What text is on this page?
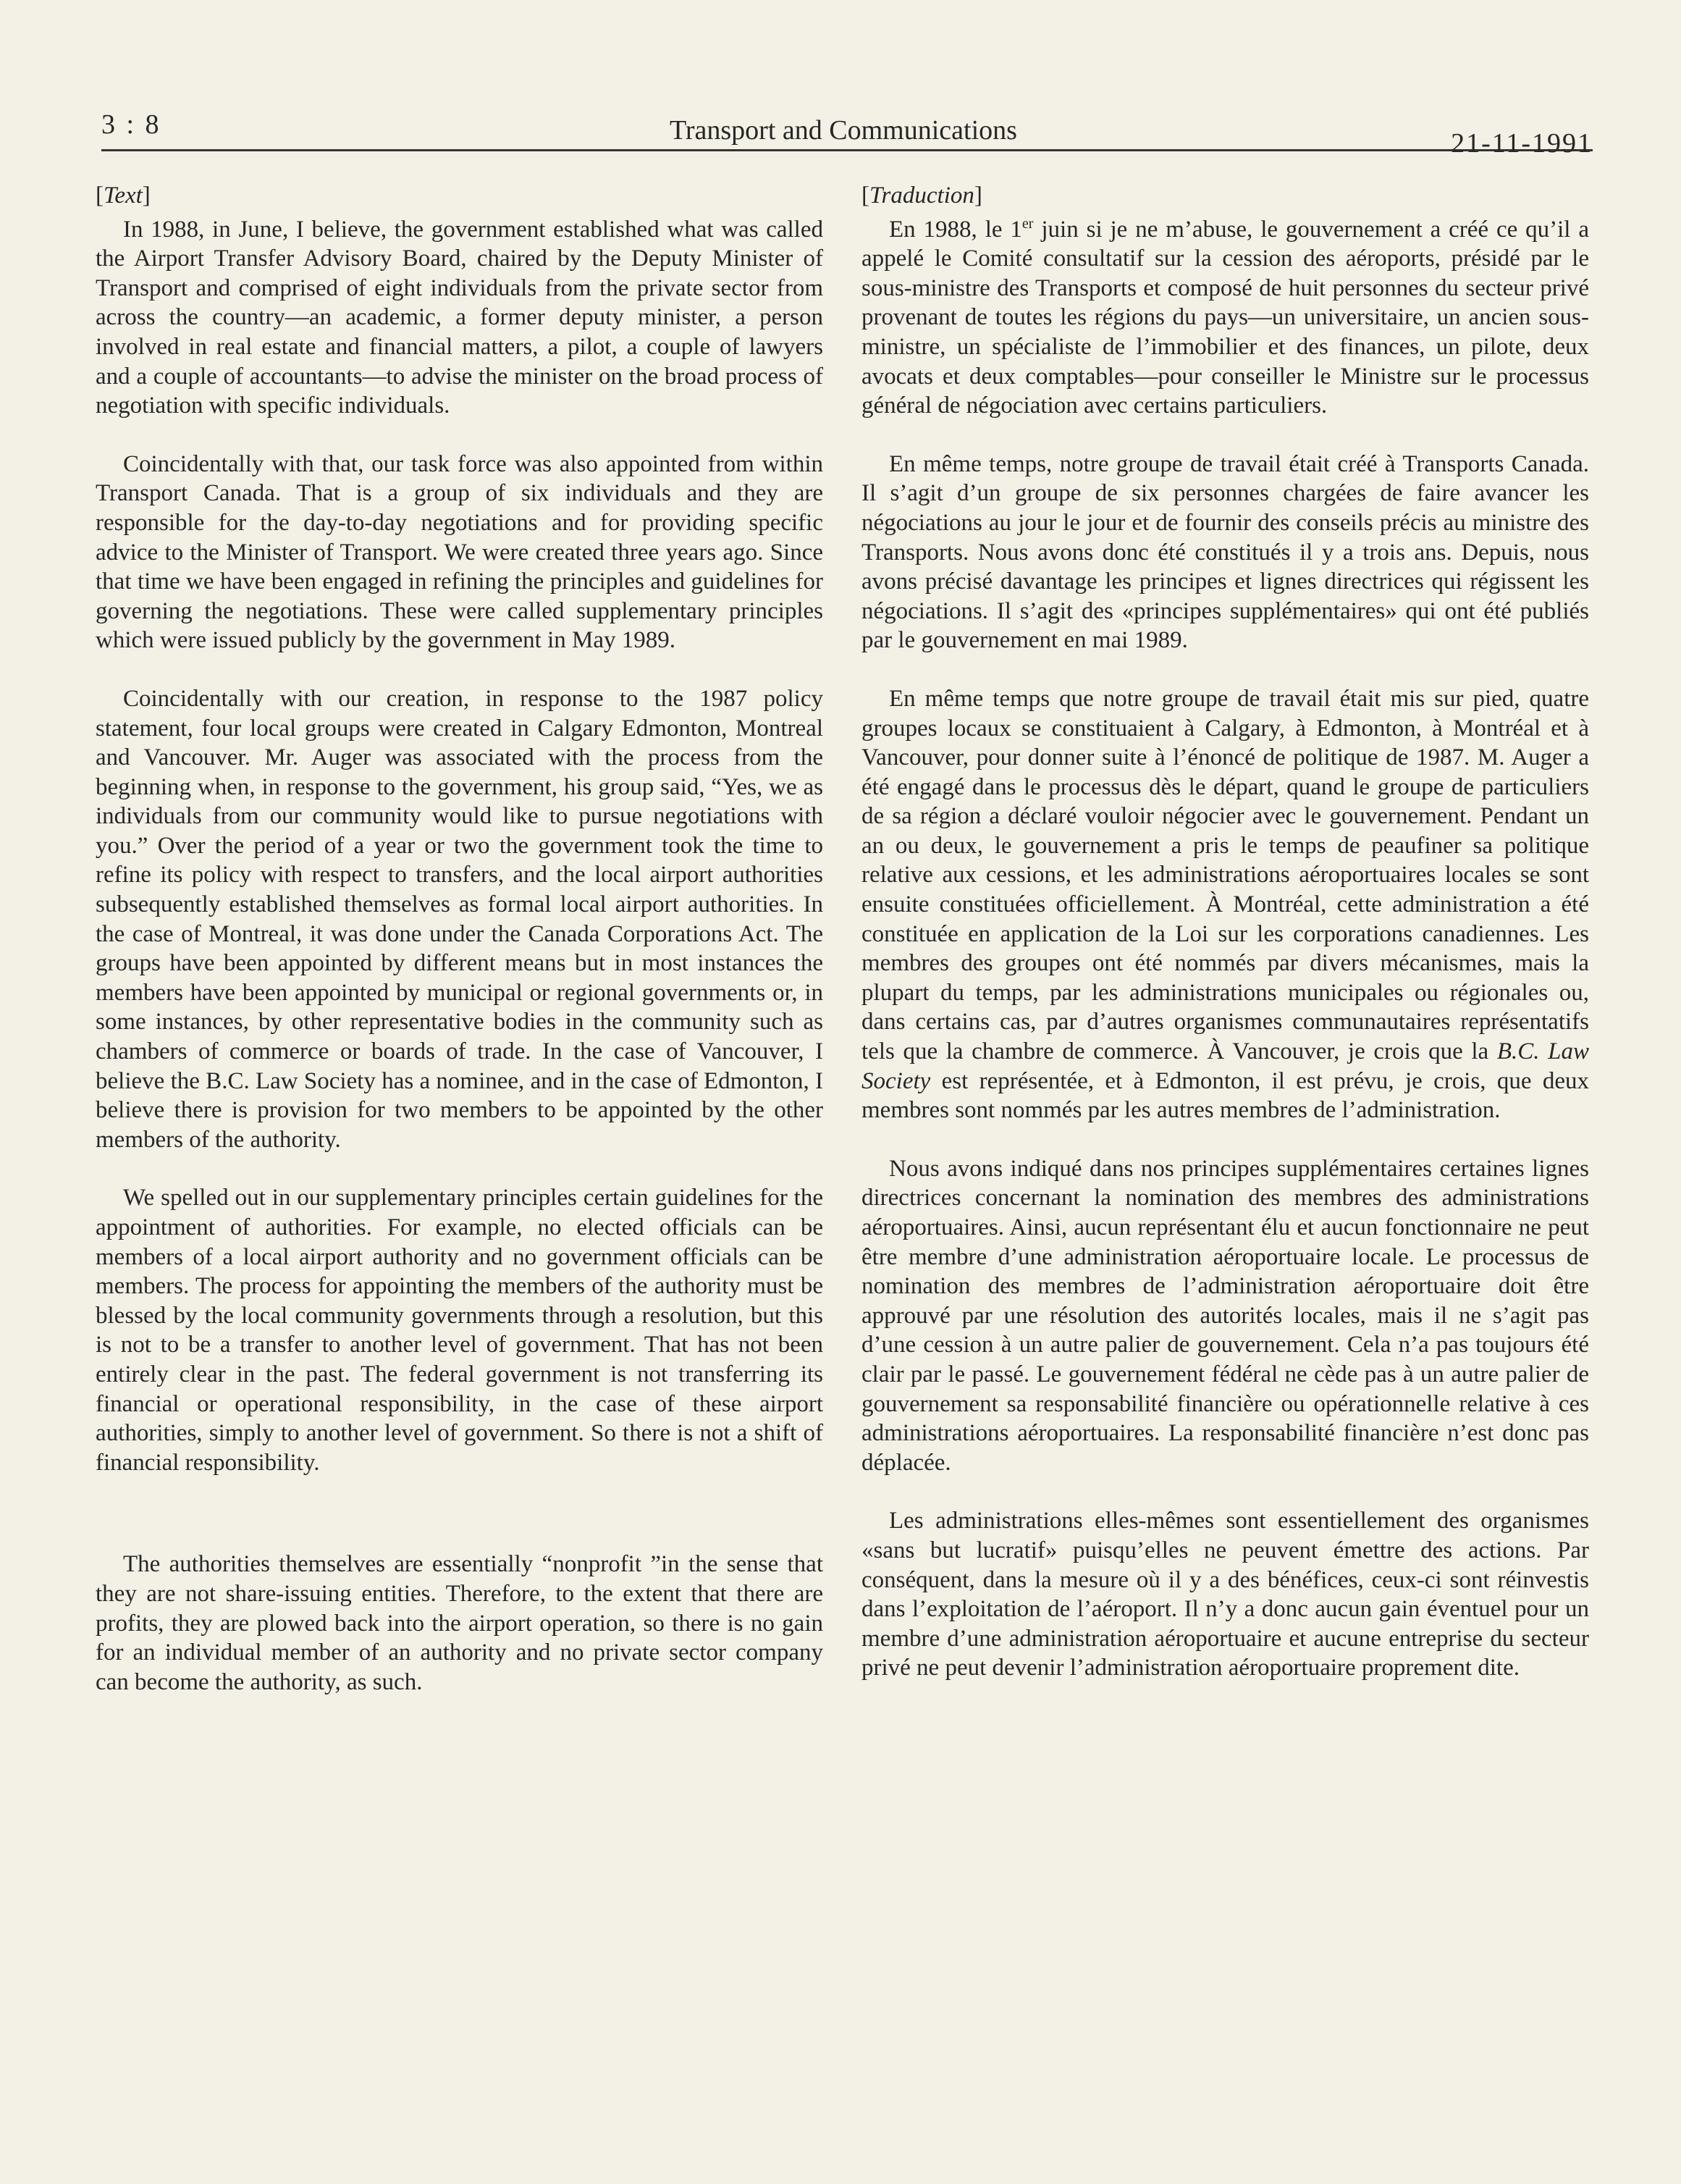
3 : 8	Transport and Communications	21-11-1991
[Text]

In 1988, in June, I believe, the government established what was called the Airport Transfer Advisory Board, chaired by the Deputy Minister of Transport and comprised of eight individuals from the private sector from across the country—an academic, a former deputy minister, a person involved in real estate and financial matters, a pilot, a couple of lawyers and a couple of accountants—to advise the minister on the broad process of negotiation with specific individuals.

Coincidentally with that, our task force was also appointed from within Transport Canada. That is a group of six individuals and they are responsible for the day-to-day negotiations and for providing specific advice to the Minister of Transport. We were created three years ago. Since that time we have been engaged in refining the principles and guidelines for governing the negotiations. These were called supplementary principles which were issued publicly by the government in May 1989.

Coincidentally with our creation, in response to the 1987 policy statement, four local groups were created in Calgary Edmonton, Montreal and Vancouver. Mr. Auger was associated with the process from the beginning when, in response to the government, his group said, “Yes, we as individuals from our community would like to pursue negotiations with you.” Over the period of a year or two the government took the time to refine its policy with respect to transfers, and the local airport authorities subsequently established themselves as formal local airport authorities. In the case of Montreal, it was done under the Canada Corporations Act. The groups have been appointed by different means but in most instances the members have been appointed by municipal or regional governments or, in some instances, by other representative bodies in the community such as chambers of commerce or boards of trade. In the case of Vancouver, I believe the B.C. Law Society has a nominee, and in the case of Edmonton, I believe there is provision for two members to be appointed by the other members of the authority.

We spelled out in our supplementary principles certain guidelines for the appointment of authorities. For example, no elected officials can be members of a local airport authority and no government officials can be members. The process for appointing the members of the authority must be blessed by the local community governments through a resolution, but this is not to be a transfer to another level of government. That has not been entirely clear in the past. The federal government is not transferring its financial or operational responsibility, in the case of these airport authorities, simply to another level of government. So there is not a shift of financial responsibility.

The authorities themselves are essentially “nonprofit ”in the sense that they are not share-issuing entities. Therefore, to the extent that there are profits, they are plowed back into the airport operation, so there is no gain for an individual member of an authority and no private sector company can become the authority, as such.

[Traduction]

En 1988, le 1er juin si je ne m’abuse, le gouvernement a créé ce qu’il a appelé le Comité consultatif sur la cession des aéroports, présidé par le sous-ministre des Transports et composé de huit personnes du secteur privé provenant de toutes les régions du pays—un universitaire, un ancien sous-ministre, un spécialiste de l’immobilier et des finances, un pilote, deux avocats et deux comptables—pour conseiller le Ministre sur le processus général de négociation avec certains particuliers.

En même temps, notre groupe de travail était créé à Transports Canada. Il s’agit d’un groupe de six personnes chargées de faire avancer les négociations au jour le jour et de fournir des conseils précis au ministre des Transports. Nous avons donc été constitués il y a trois ans. Depuis, nous avons précisé davantage les principes et lignes directrices qui régissent les négociations. Il s’agit des «principes supplémentaires» qui ont été publiés par le gouvernement en mai 1989.

En même temps que notre groupe de travail était mis sur pied, quatre groupes locaux se constituaient à Calgary, à Edmonton, à Montréal et à Vancouver, pour donner suite à l’énoncé de politique de 1987. M. Auger a été engagé dans le processus dès le départ, quand le groupe de particuliers de sa région a déclaré vouloir négocier avec le gouvernement. Pendant un an ou deux, le gouvernement a pris le temps de peaufiner sa politique relative aux cessions, et les administrations aéroportuaires locales se sont ensuite constituées officiellement. À Montréal, cette administration a été constituée en application de la Loi sur les corporations canadiennes. Les membres des groupes ont été nommés par divers mécanismes, mais la plupart du temps, par les administrations municipales ou régionales ou, dans certains cas, par d’autres organismes communautaires représentatifs tels que la chambre de commerce. À Vancouver, je crois que la B.C. Law Society est représentée, et à Edmonton, il est prévu, je crois, que deux membres sont nommés par les autres membres de l’administration.

Nous avons indiqué dans nos principes supplémentaires certaines lignes directrices concernant la nomination des membres des administrations aéroportuaires. Ainsi, aucun représentant élu et aucun fonctionnaire ne peut être membre d’une administration aéroportuaire locale. Le processus de nomination des membres de l’administration aéroportuaire doit être approuvé par une résolution des autorités locales, mais il ne s’agit pas d’une cession à un autre palier de gouvernement. Cela n’a pas toujours été clair par le passé. Le gouvernement fédéral ne cède pas à un autre palier de gouvernement sa responsabilité financière ou opérationnelle relative à ces administrations aéroportuaires. La responsabilité financière n’est donc pas déplacée.

Les administrations elles-mêmes sont essentiellement des organismes «sans but lucratif» puisqu’elles ne peuvent émettre des actions. Par conséquent, dans la mesure où il y a des bénéfices, ceux-ci sont réinvestis dans l’exploitation de l’aéroport. Il n’y a donc aucun gain éventuel pour un membre d’une administration aéroportuaire et aucune entreprise du secteur privé ne peut devenir l’administration aéroportuaire proprement dite.
